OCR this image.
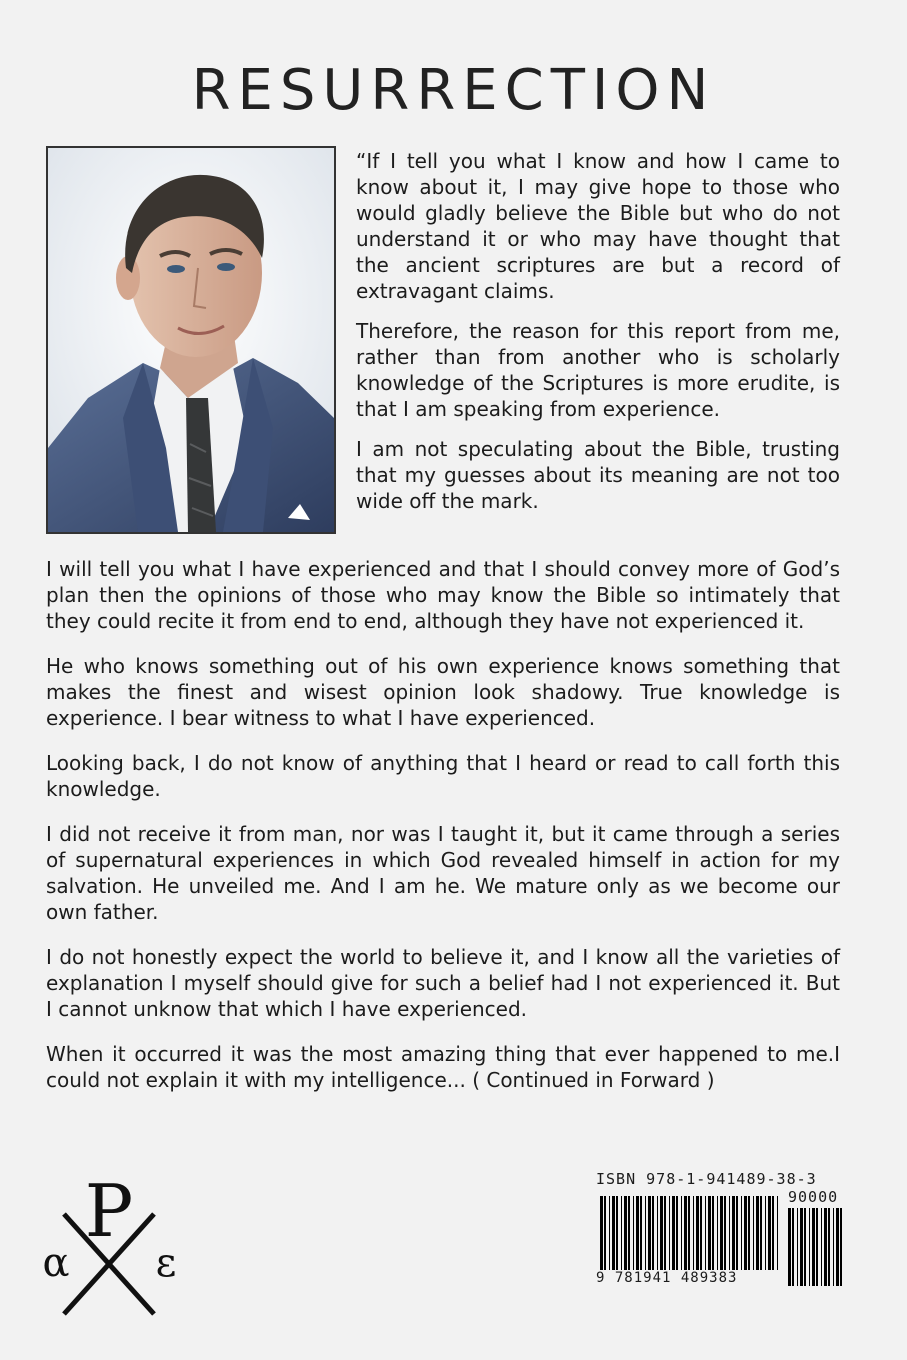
RESURRECTION

“If I tell you what I know and how I came to know about it, I may give hope to those who would gladly believe the Bible but who do not understand it or who may have thought that the ancient scriptures are but a record of extravagant claims.

Therefore, the reason for this report from me, rather than from another who is scholarly knowledge of the Scriptures is more erudite, is that I am speaking from experience.

I am not speculating about the Bible, trusting that my guesses about its meaning are not too wide off the mark.

I will tell you what I have experienced and that I should convey more of God’s plan then the opinions of those who may know the Bible so intimately that they could recite it from end to end, although they have not experienced it.

He who knows something out of his own experience knows something that makes the finest and wisest opinion look shadowy. True knowledge is experience. I bear witness to what I have experienced.

Looking back, I do not know of anything that I heard or read to call forth this knowledge.

I did not receive it from man, nor was I taught it, but it came through a series of supernatural experiences in which God revealed himself in action for my salvation. He unveiled me. And I am he. We mature only as we become our own father.

I do not honestly expect the world to believe it, and I know all the varieties of explanation I myself should give for such a belief had I not experienced it. But I cannot unknow that which I have experienced.

When it occurred it was the most amazing thing that ever happened to me.I could not explain it with my intelligence... ( Continued in Forward )

P
α ε
ISBN 978-1-941489-38-3
90000
9 781941 489383
